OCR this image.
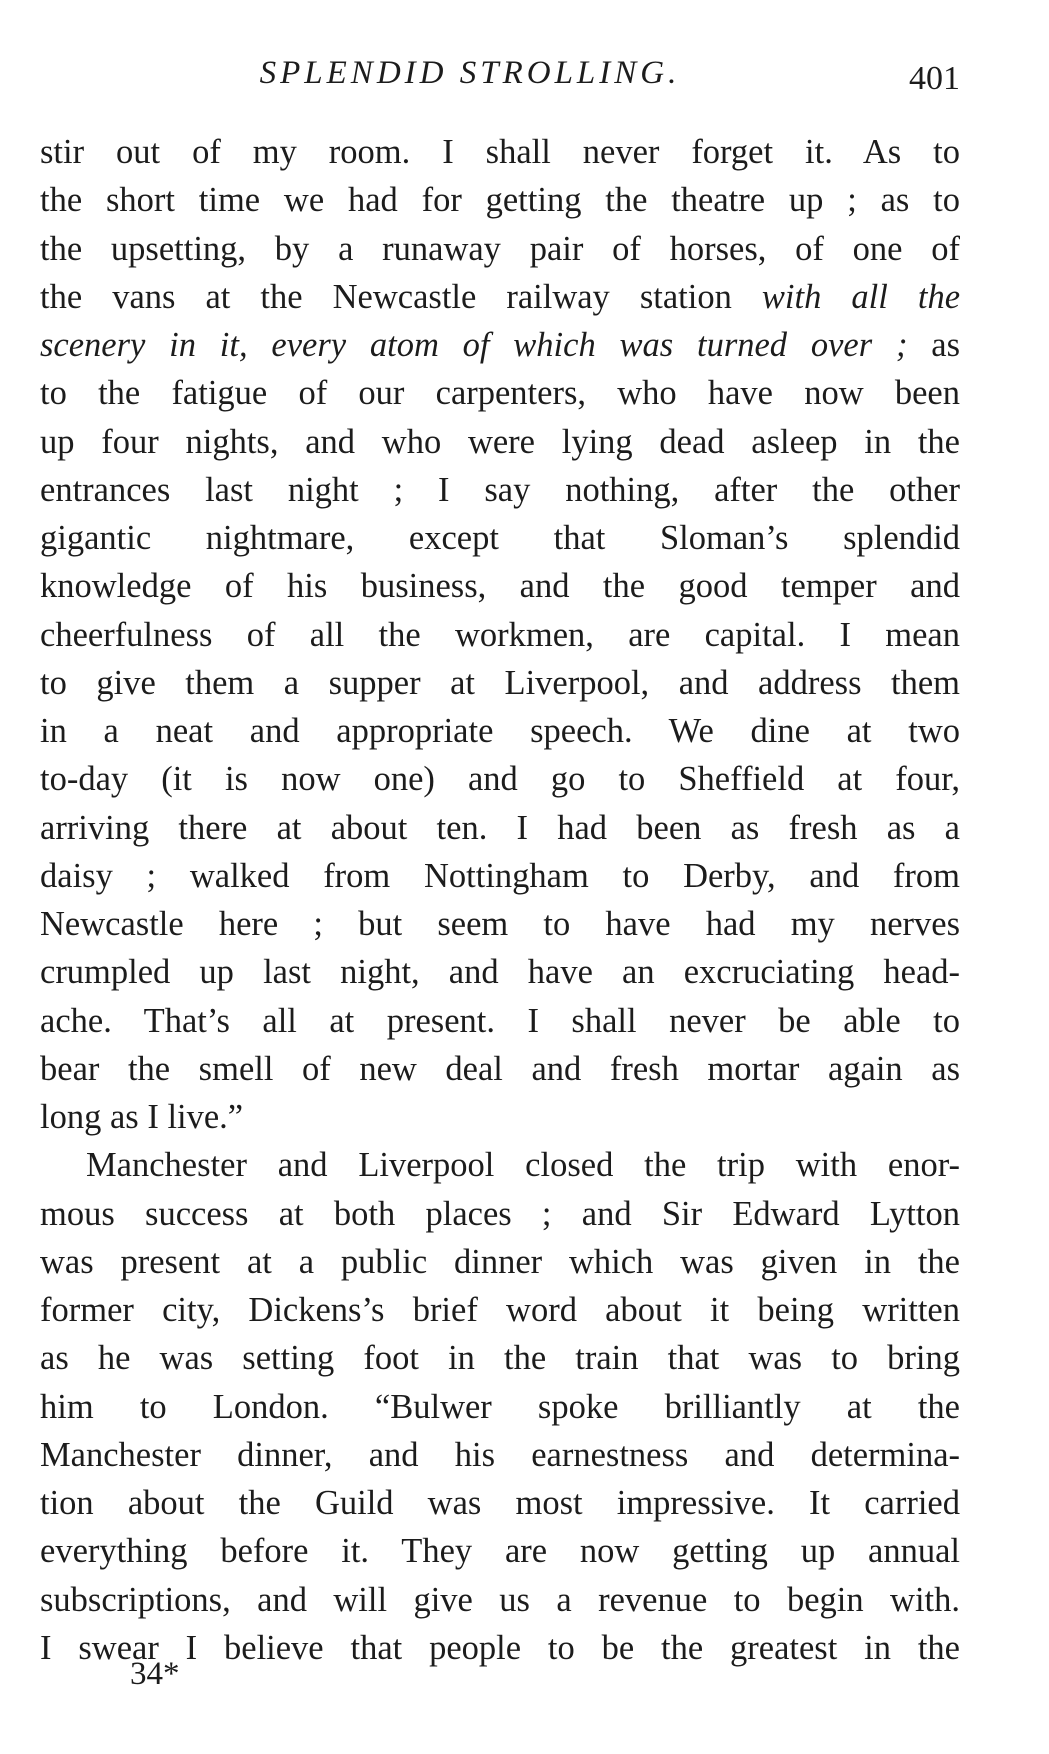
SPLENDID STROLLING.	401
stir out of my room. I shall never forget it. As to
the short time we had for getting the theatre up ; as to
the upsetting, by a runaway pair of horses, of one of
the vans at the Newcastle railway station with all the
scenery in it, every atom of which was turned over ; as
to the fatigue of our carpenters, who have now been
up four nights, and who were lying dead asleep in the
entrances last night ; I say nothing, after the other
gigantic nightmare, except that Sloman’s splendid
knowledge of his business, and the good temper and
cheerfulness of all the workmen, are capital. I mean
to give them a supper at Liverpool, and address them
in a neat and appropriate speech. We dine at two
to-day (it is now one) and go to Sheffield at four,
arriving there at about ten. I had been as fresh as a
daisy ; walked from Nottingham to Derby, and from
Newcastle here ; but seem to have had my nerves
crumpled up last night, and have an excruciating head-
ache. That’s all at present. I shall never be able to
bear the smell of new deal and fresh mortar again as
long as I live.”
Manchester and Liverpool closed the trip with enor-
mous success at both places ; and Sir Edward Lytton
was present at a public dinner which was given in the
former city, Dickens’s brief word about it being written
as he was setting foot in the train that was to bring
him to London. “Bulwer spoke brilliantly at the
Manchester dinner, and his earnestness and determina-
tion about the Guild was most impressive. It carried
everything before it. They are now getting up annual
subscriptions, and will give us a revenue to begin with.
I swear I believe that people to be the greatest in the
34*
